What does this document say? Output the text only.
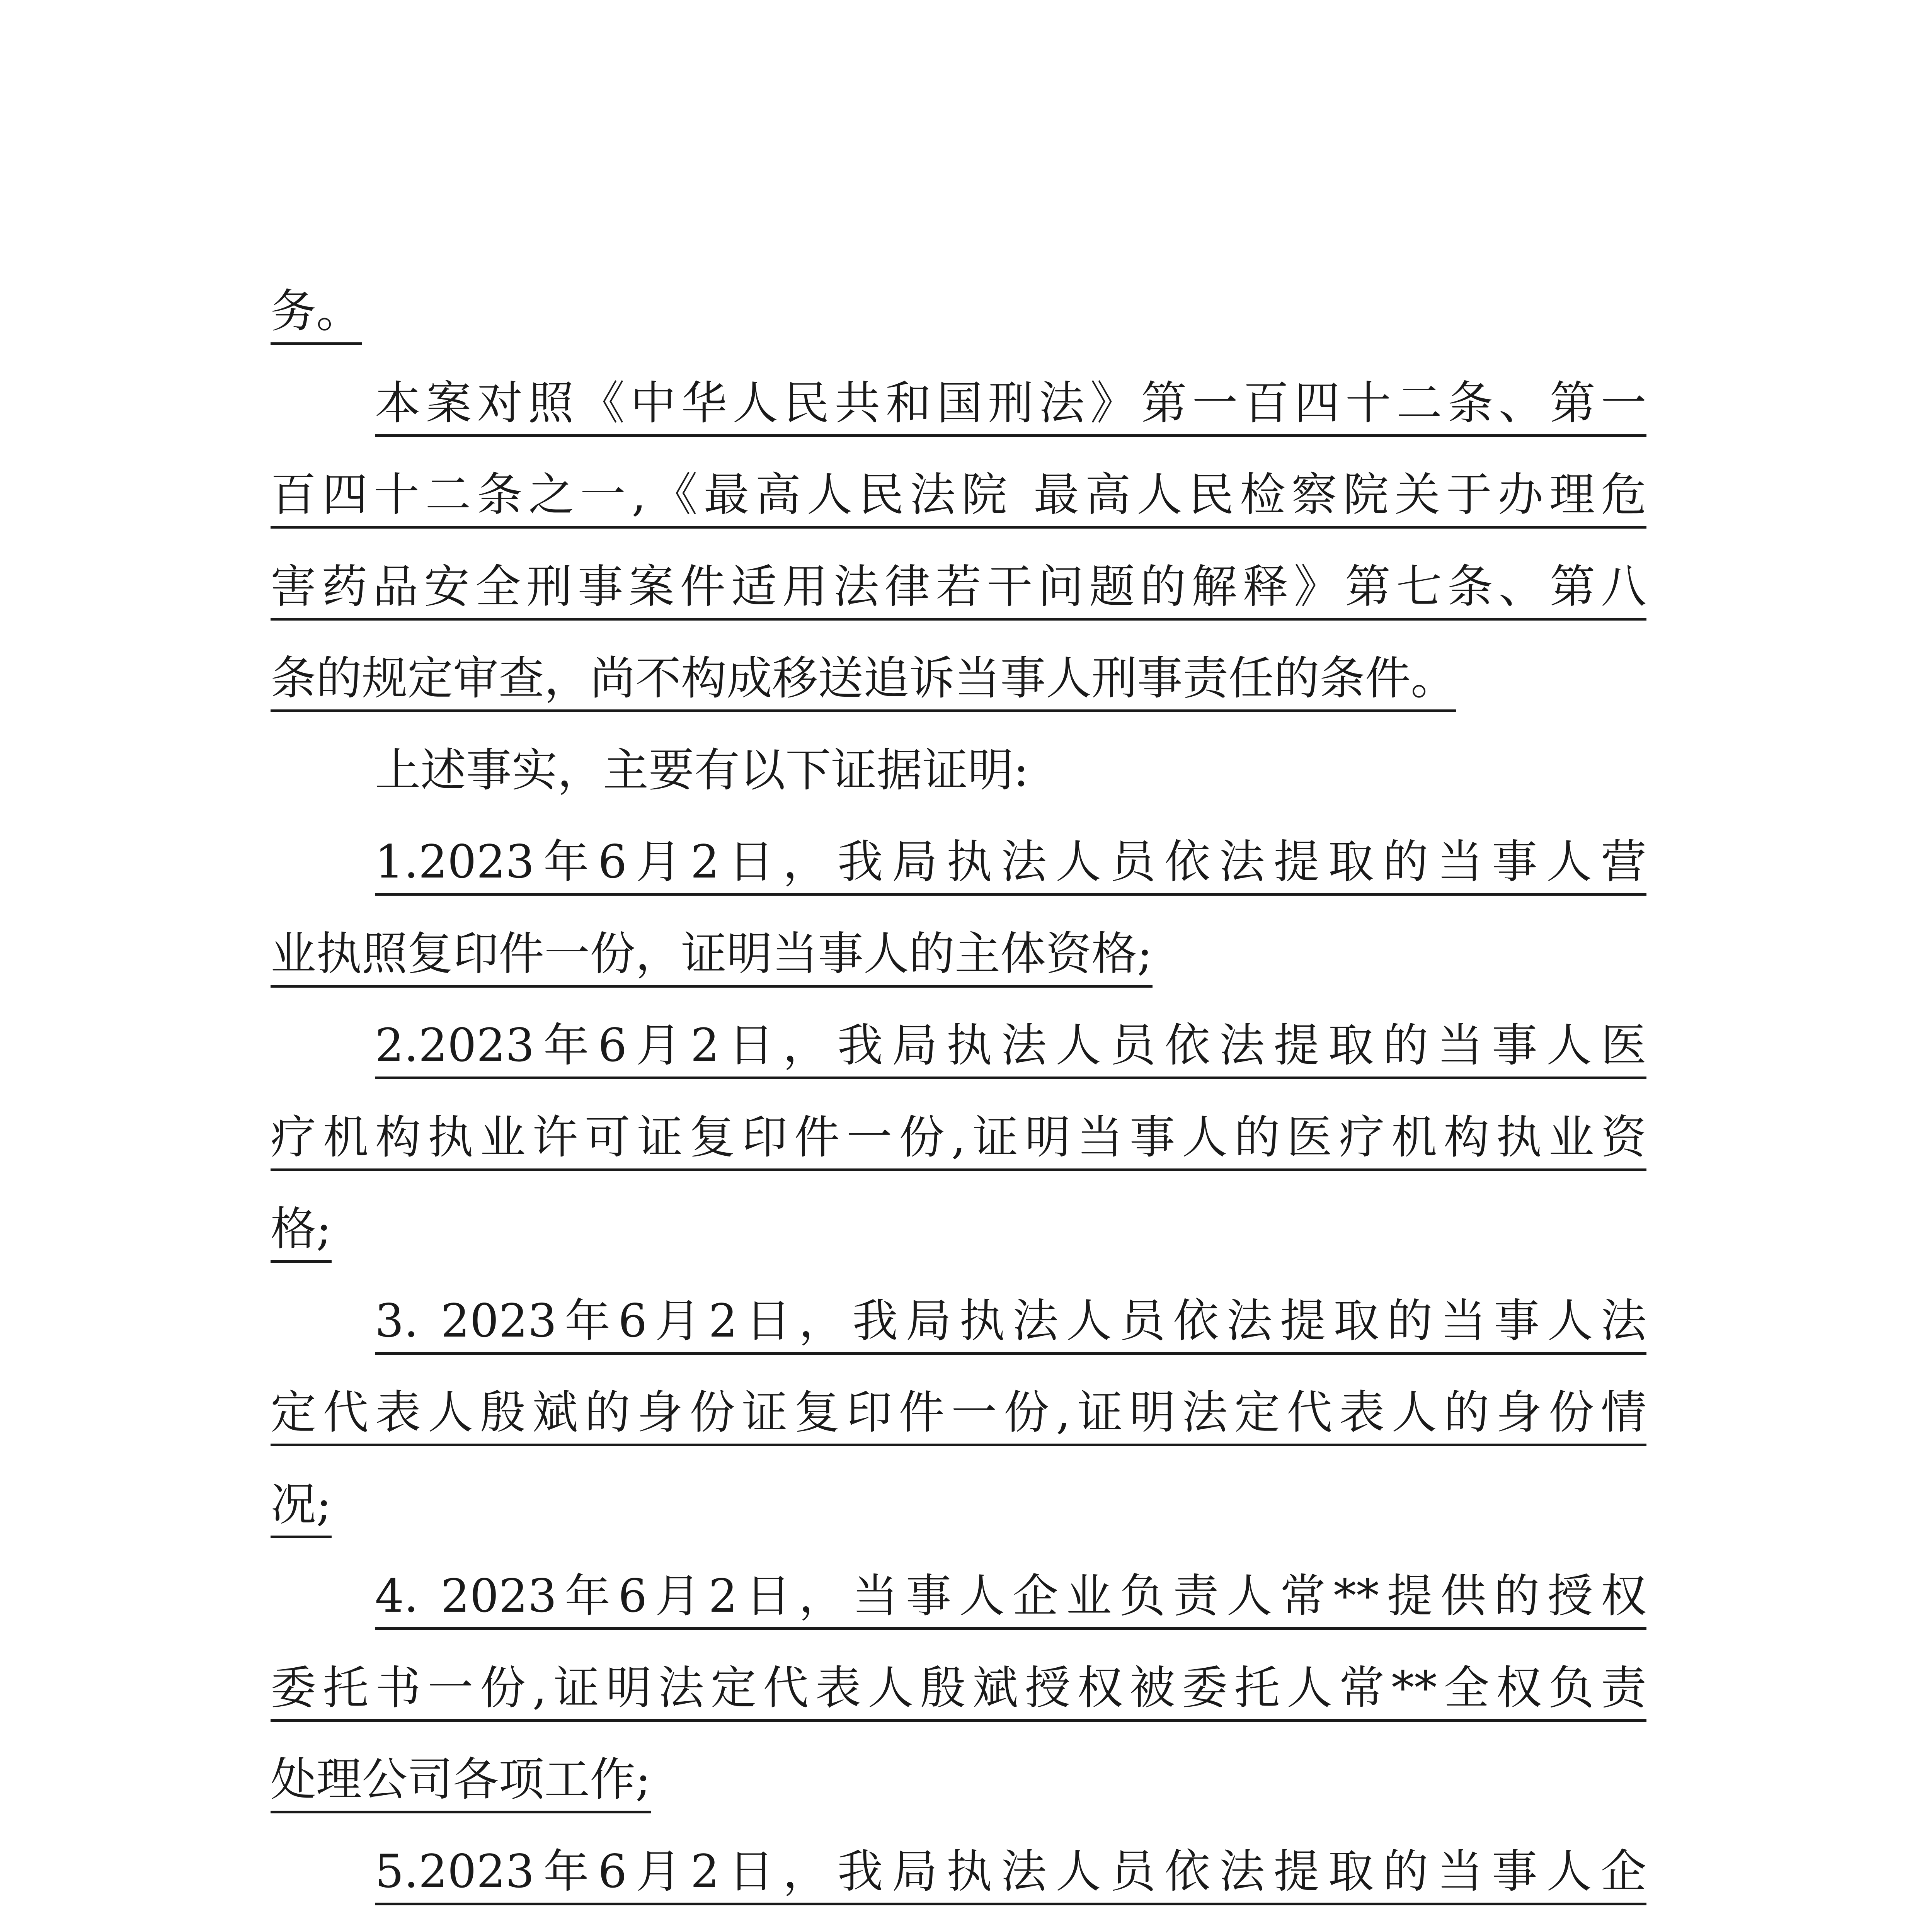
务。
本案对照《中华人民共和国刑法》第一百四十二条、第一
百四十二条之一,《最高人民法院 最高人民检察院关于办理危
害药品安全刑事案件适用法律若干问题的解释》第七条、第八
条的规定审查，尚不构成移送追诉当事人刑事责任的条件。
上述事实，主要有以下证据证明:
1.2023年6月2日，我局执法人员依法提取的当事人营
业执照复印件一份，证明当事人的主体资格;
2.2023年6月2日，我局执法人员依法提取的当事人医
疗机构执业许可证复印件一份,证明当事人的医疗机构执业资
格;
3. 2023年6月2日，我局执法人员依法提取的当事人法
定代表人殷斌的身份证复印件一份,证明法定代表人的身份情
况;
4. 2023年6月2日，当事人企业负责人常**提供的授权
委托书一份,证明法定代表人殷斌授权被委托人常**全权负责
处理公司各项工作;
5.2023年6月2日，我局执法人员依法提取的当事人企
